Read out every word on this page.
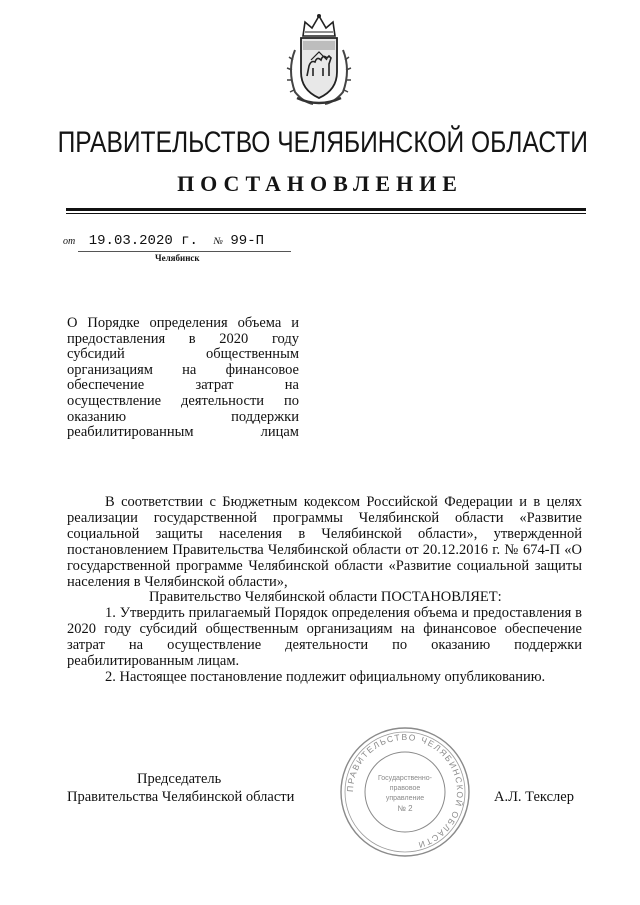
ПРАВИТЕЛЬСТВО ЧЕЛЯБИНСКОЙ ОБЛАСТИ
ПОСТАНОВЛЕНИЕ
от 19.03.2020 г. № 99-П
Челябинск
О Порядке определения объема и
предоставления в 2020 году
субсидий общественным
организациям на финансовое
обеспечение затрат на
осуществление деятельности по
оказанию поддержки
реабилитированным лицам

В соответствии с Бюджетным кодексом Российской Федерации и в целях реализации государственной программы Челябинской области «Развитие социальной защиты населения в Челябинской области», утвержденной постановлением Правительства Челябинской области от 20.12.2016 г. № 674-П «О государственной программе Челябинской области «Развитие социальной защиты населения в Челябинской области»,

Правительство Челябинской области ПОСТАНОВЛЯЕТ:

1. Утвердить прилагаемый Порядок определения объема и предоставления в 2020 году субсидий общественным организациям на финансовое обеспечение затрат на осуществление деятельности по оказанию поддержки реабилитированным лицам.

2. Настоящее постановление подлежит официальному опубликованию.

Председатель
Правительства Челябинской области
ПРАВИТЕЛЬСТВО ЧЕЛЯБИНСКОЙ ОБЛАСТИ
Государственно-
правовое
управление
№ 2
А.Л. Текслер
